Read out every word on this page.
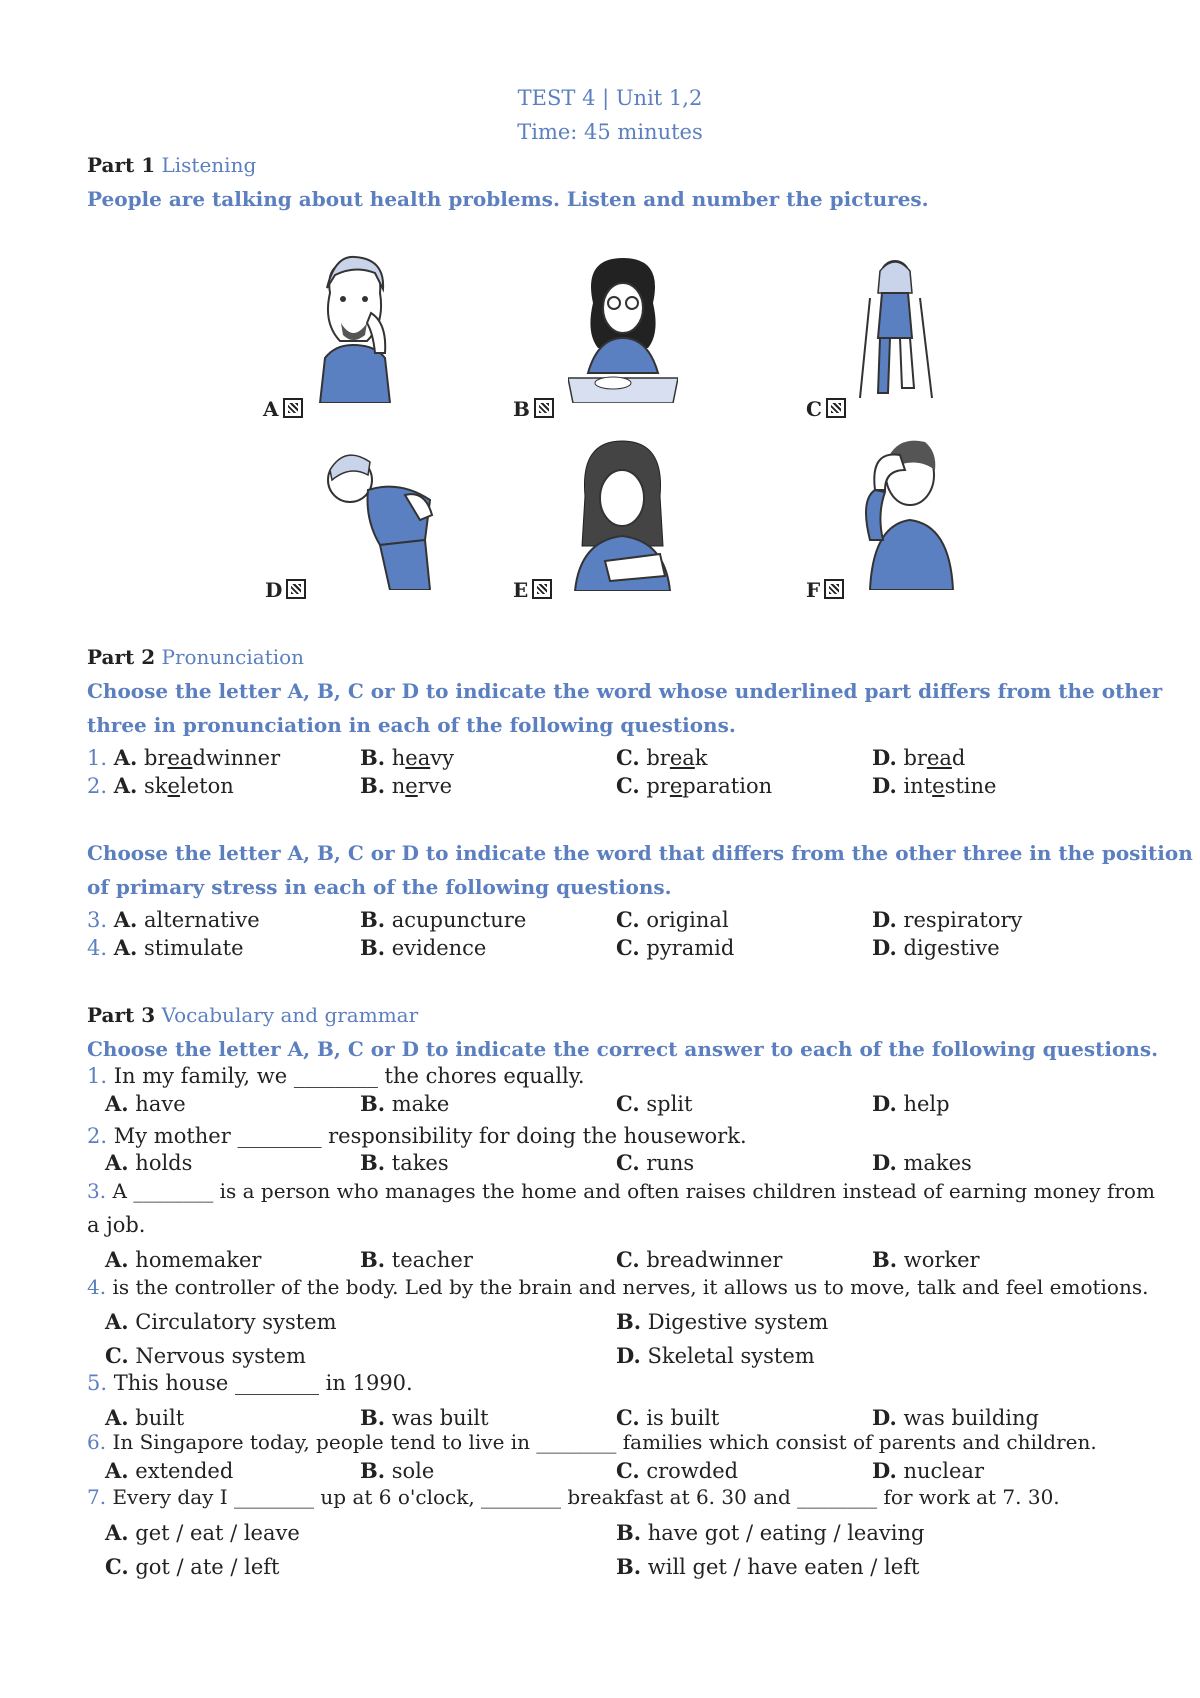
TEST 4 | Unit 1,2
Time: 45 minutes
Part 1 Listening
People are talking about health problems. Listen and number the pictures.
A	B	C
D	E	F
Part 2 Pronunciation
Choose the letter A, B, C or D to indicate the word whose underlined part differs from the other
three in pronunciation in each of the following questions.
1. A. breadwinner	B. heavy	C. break	D. bread
2. A. skeleton	B. nerve	C. preparation	D. intestine
Choose the letter A, B, C or D to indicate the word that differs from the other three in the position
of primary stress in each of the following questions.
3. A. alternative	B. acupuncture	C. original	D. respiratory
4. A. stimulate	B. evidence	C. pyramid	D. digestive
Part 3 Vocabulary and grammar
Choose the letter A, B, C or D to indicate the correct answer to each of the following questions.
1. In my family, we ________ the chores equally.
A. have	B. make	C. split	D. help
2. My mother ________ responsibility for doing the housework.
A. holds	B. takes	C. runs	D. makes
3. A ________ is a person who manages the home and often raises children instead of earning money from
a job.
A. homemaker	B. teacher	C. breadwinner	B. worker
4. is the controller of the body. Led by the brain and nerves, it allows us to move, talk and feel emotions.
A. Circulatory system	B. Digestive system
C. Nervous system	D. Skeletal system
5. This house ________ in 1990.
A. built	B. was built	C. is built	D. was building
6. In Singapore today, people tend to live in ________ families which consist of parents and children.
A. extended	B. sole	C. crowded	D. nuclear
7. Every day I ________ up at 6 o'clock, ________ breakfast at 6. 30 and ________ for work at 7. 30.
A. get / eat / leave	B. have got / eating / leaving
C. got / ate / left	B. will get / have eaten / left
